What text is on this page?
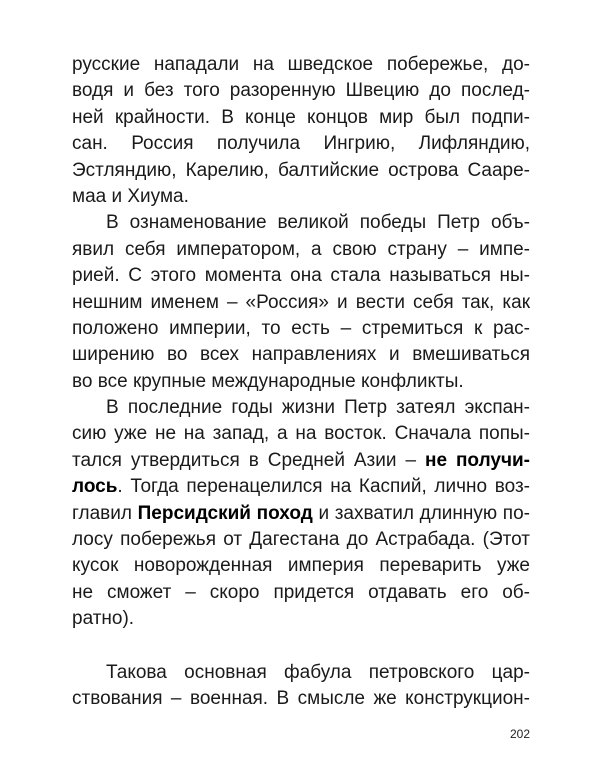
русские нападали на шведское побережье, до-
водя и без того разоренную Швецию до послед-
ней крайности. В конце концов мир был подпи-
сан. Россия получила Ингрию, Лифляндию,
Эстляндию, Карелию, балтийские острова Сааре-
маа и Хиума.
В ознаменование великой победы Петр объ-
явил себя императором, а свою страну – импе-
рией. С этого момента она стала называться ны-
нешним именем – «Россия» и вести себя так, как
положено империи, то есть – стремиться к рас-
ширению во всех направлениях и вмешиваться
во все крупные международные конфликты.
В последние годы жизни Петр затеял экспан-
сию уже не на запад, а на восток. Сначала попы-
тался утвердиться в Средней Азии – не получи-
лось. Тогда перенацелился на Каспий, лично воз-
главил Персидский поход и захватил длинную по-
лосу побережья от Дагестана до Астрабада. (Этот
кусок новорожденная империя переварить уже
не сможет – скоро придется отдавать его об-
ратно).
Такова основная фабула петровского цар-
ствования – военная. В смысле же конструкцион-
202
